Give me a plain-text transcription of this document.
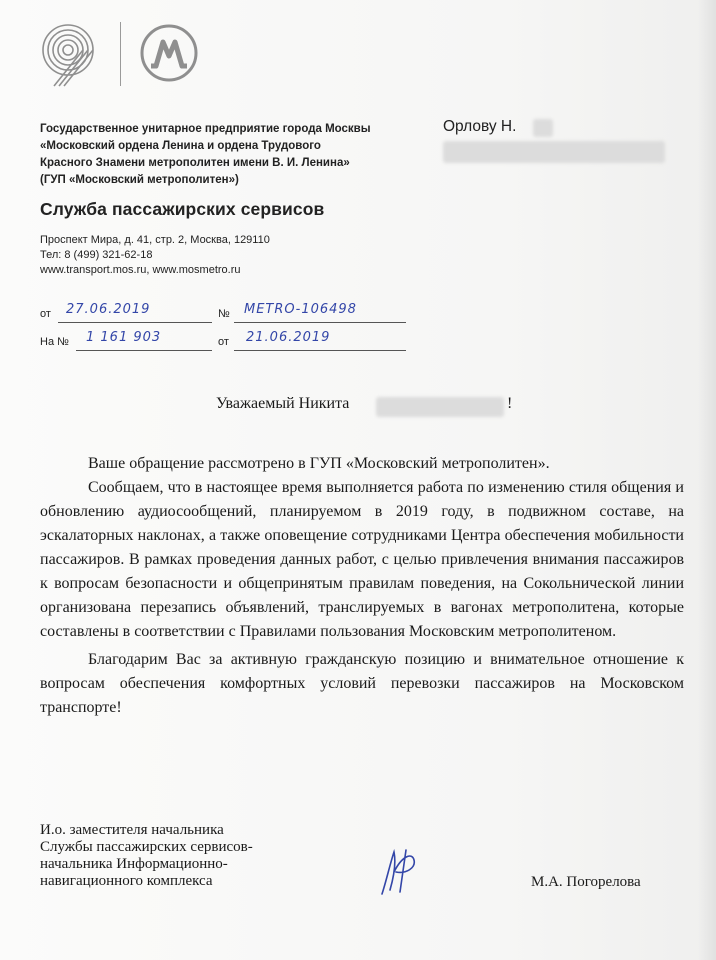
Государственное унитарное предприятие города Москвы
«Московский ордена Ленина и ордена Трудового
Красного Знамени метрополитен имени В. И. Ленина»
(ГУП «Московский метрополитен»)
Служба пассажирских сервисов
Проспект Мира, д. 41, стр. 2, Москва, 129110
Тел: 8 (499) 321-62-18
www.transport.mos.ru, www.mosmetro.ru
Орлову Н.
от 27.06.2019	№ METRO-106498
На № 1 161 903	от 21.06.2019
Уважаемый Никита	!

Ваше обращение рассмотрено в ГУП «Московский метрополитен».

Сообщаем, что в настоящее время выполняется работа по изменению стиля общения и обновлению аудиосообщений, планируемом в 2019 году, в подвижном составе, на эскалаторных наклонах, а также оповещение сотрудниками Центра обеспечения мобильности пассажиров. В рамках проведения данных работ, с целью привлечения внимания пассажиров к вопросам безопасности и общепринятым правилам поведения, на Сокольнической линии организована перезапись объявлений, транслируемых в вагонах метрополитена, которые составлены в соответствии с Правилами пользования Московским метрополитеном.

Благодарим Вас за активную гражданскую позицию и внимательное отношение к вопросам обеспечения комфортных условий перевозки пассажиров на Московском транспорте!

И.о. заместителя начальника
Службы пассажирских сервисов-
начальника Информационно-
навигационного комплекса	М.А. Погорелова
